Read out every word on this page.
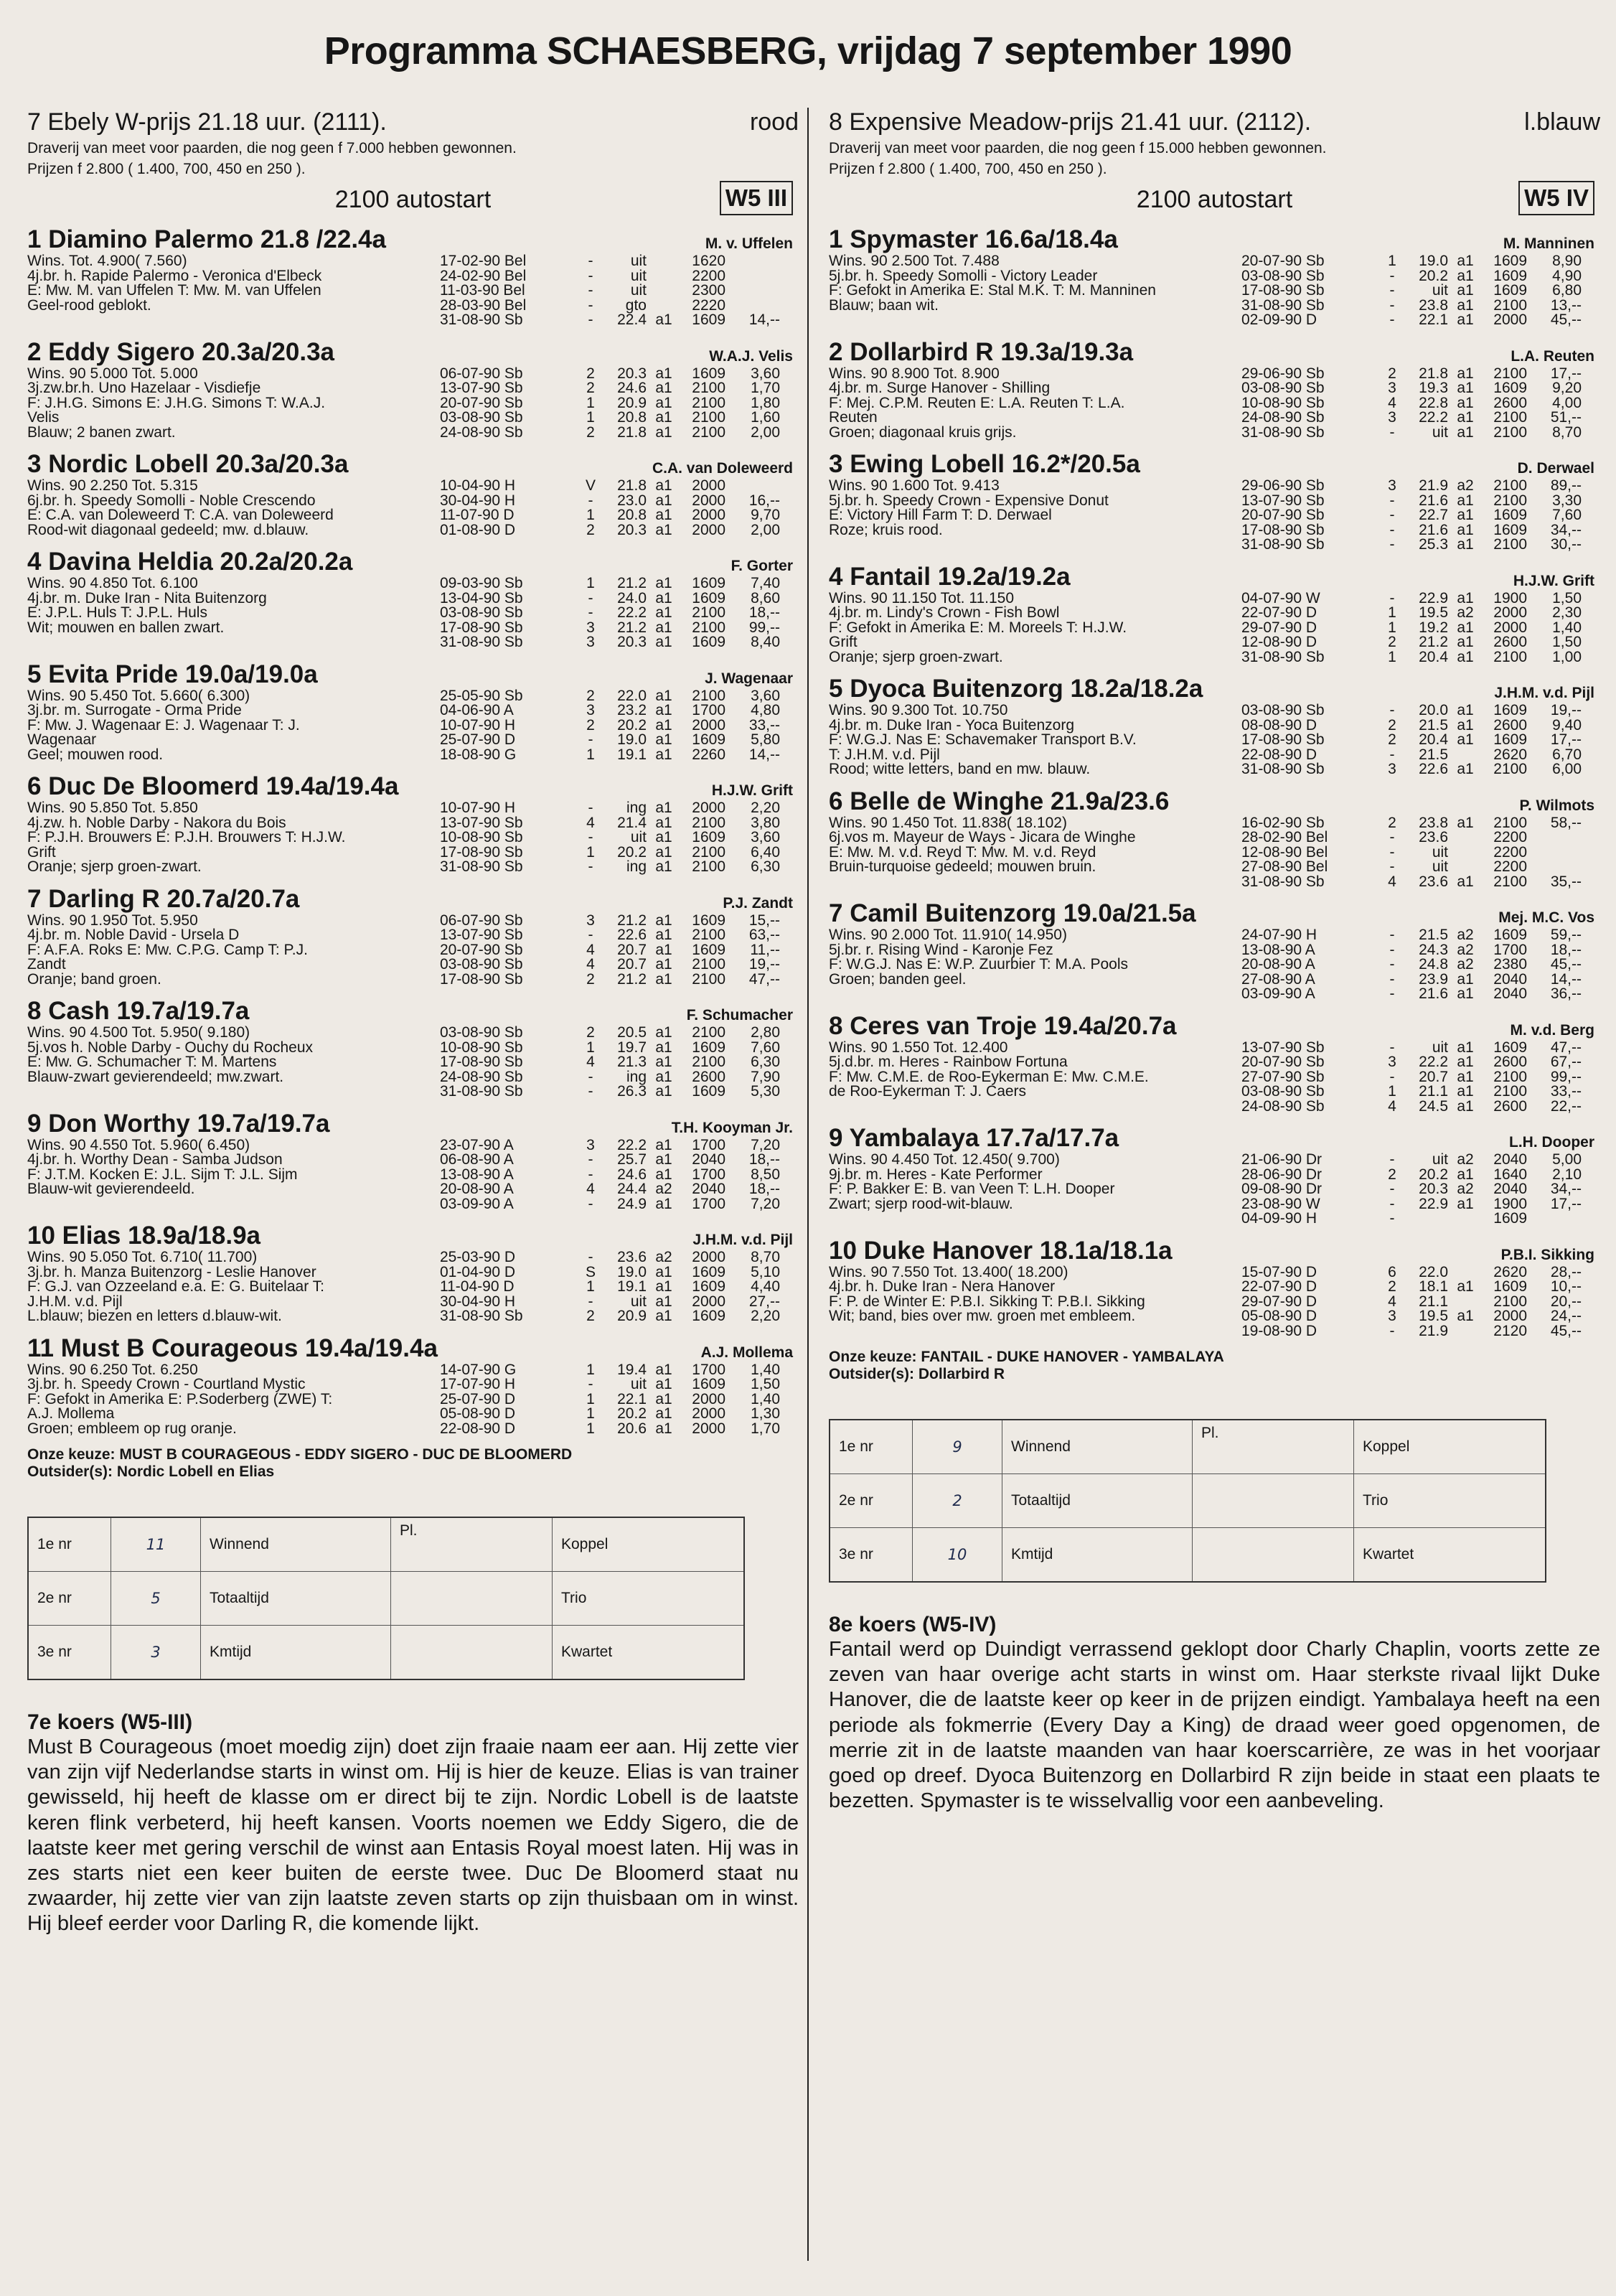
Programma SCHAESBERG, vrijdag 7 september 1990
7 Ebely W-prijs 21.18 uur. (2111).	rood
Draverij van meet voor paarden, die nog geen f 7.000 hebben gewonnen.
Prijzen f 2.800 ( 1.400, 700, 450 en 250 ).
2100 autostart	W5 III
1 Diamino Palermo 21.8 /22.4a	M. v. Uffelen
Wins. Tot. 4.900( 7.560)
4j.br. h. Rapide Palermo - Veronica d'Elbeck
E: Mw. M. van Uffelen T: Mw. M. van Uffelen
Geel-rood geblokt.
17-02-90 Bel	-	uit		1620	
24-02-90 Bel	-	uit		2200	
11-03-90 Bel	-	uit		2300	
28-03-90 Bel	-	gto		2220	
31-08-90 Sb	-	22.4	a1	1609	14,--
2 Eddy Sigero 20.3a/20.3a	W.A.J. Velis
Wins. 90 5.000 Tot. 5.000
3j.zw.br.h. Uno Hazelaar - Visdiefje
F: J.H.G. Simons E: J.H.G. Simons T: W.A.J.
Velis
Blauw; 2 banen zwart.
06-07-90 Sb	2	20.3	a1	1609	3,60
13-07-90 Sb	2	24.6	a1	2100	1,70
20-07-90 Sb	1	20.9	a1	2100	1,80
03-08-90 Sb	1	20.8	a1	2100	1,60
24-08-90 Sb	2	21.8	a1	2100	2,00
3 Nordic Lobell 20.3a/20.3a	C.A. van Doleweerd
Wins. 90 2.250 Tot. 5.315
6j.br. h. Speedy Somolli - Noble Crescendo
E: C.A. van Doleweerd T: C.A. van Doleweerd
Rood-wit diagonaal gedeeld; mw. d.blauw.
10-04-90 H	V	21.8	a1	2000	
30-04-90 H	-	23.0	a1	2000	16,--
11-07-90 D	1	20.8	a1	2000	9,70
01-08-90 D	2	20.3	a1	2000	2,00
4 Davina Heldia 20.2a/20.2a	F. Gorter
Wins. 90 4.850 Tot. 6.100
4j.br. m. Duke Iran - Nita Buitenzorg
E: J.P.L. Huls T: J.P.L. Huls
Wit; mouwen en ballen zwart.
09-03-90 Sb	1	21.2	a1	1609	7,40
13-04-90 Sb	-	24.0	a1	1609	8,60
03-08-90 Sb	-	22.2	a1	2100	18,--
17-08-90 Sb	3	21.2	a1	2100	99,--
31-08-90 Sb	3	20.3	a1	1609	8,40
5 Evita Pride 19.0a/19.0a	J. Wagenaar
Wins. 90 5.450 Tot. 5.660( 6.300)
3j.br. m. Surrogate - Orma Pride
F: Mw. J. Wagenaar E: J. Wagenaar T: J.
Wagenaar
Geel; mouwen rood.
25-05-90 Sb	2	22.0	a1	2100	3,60
04-06-90 A	3	23.2	a1	1700	4,80
10-07-90 H	2	20.2	a1	2000	33,--
25-07-90 D	-	19.0	a1	1609	5,80
18-08-90 G	1	19.1	a1	2260	14,--
6 Duc De Bloomerd 19.4a/19.4a	H.J.W. Grift
Wins. 90 5.850 Tot. 5.850
4j.zw. h. Noble Darby - Nakora du Bois
F: P.J.H. Brouwers E: P.J.H. Brouwers T: H.J.W.
Grift
Oranje; sjerp groen-zwart.
10-07-90 H	-	ing	a1	2000	2,20
13-07-90 Sb	4	21.4	a1	2100	3,80
10-08-90 Sb	-	uit	a1	1609	3,60
17-08-90 Sb	1	20.2	a1	2100	6,40
31-08-90 Sb	-	ing	a1	2100	6,30
7 Darling R 20.7a/20.7a	P.J. Zandt
Wins. 90 1.950 Tot. 5.950
4j.br. m. Noble David - Ursela D
F: A.F.A. Roks E: Mw. C.P.G. Camp T: P.J.
Zandt
Oranje; band groen.
06-07-90 Sb	3	21.2	a1	1609	15,--
13-07-90 Sb	-	22.6	a1	2100	63,--
20-07-90 Sb	4	20.7	a1	1609	11,--
03-08-90 Sb	4	20.7	a1	2100	19,--
17-08-90 Sb	2	21.2	a1	2100	47,--
8 Cash 19.7a/19.7a	F. Schumacher
Wins. 90 4.500 Tot. 5.950( 9.180)
5j.vos h. Noble Darby - Ouchy du Rocheux
E: Mw. G. Schumacher T: M. Martens
Blauw-zwart gevierendeeld; mw.zwart.
03-08-90 Sb	2	20.5	a1	2100	2,80
10-08-90 Sb	1	19.7	a1	1609	7,60
17-08-90 Sb	4	21.3	a1	2100	6,30
24-08-90 Sb	-	ing	a1	2600	7,90
31-08-90 Sb	-	26.3	a1	1609	5,30
9 Don Worthy 19.7a/19.7a	T.H. Kooyman Jr.
Wins. 90 4.550 Tot. 5.960( 6.450)
4j.br. h. Worthy Dean - Samba Judson
F: J.T.M. Kocken E: J.L. Sijm T: J.L. Sijm
Blauw-wit gevierendeeld.
23-07-90 A	3	22.2	a1	1700	7,20
06-08-90 A	-	25.7	a1	2040	18,--
13-08-90 A	-	24.6	a1	1700	8,50
20-08-90 A	4	24.4	a2	2040	18,--
03-09-90 A	-	24.9	a1	1700	7,20
10 Elias 18.9a/18.9a	J.H.M. v.d. Pijl
Wins. 90 5.050 Tot. 6.710( 11.700)
3j.br. h. Manza Buitenzorg - Leslie Hanover
F: G.J. van Ozzeeland e.a. E: G. Buitelaar T:
J.H.M. v.d. Pijl
L.blauw; biezen en letters d.blauw-wit.
25-03-90 D	-	23.6	a2	2000	8,70
01-04-90 D	S	19.0	a1	1609	5,10
11-04-90 D	1	19.1	a1	1609	4,40
30-04-90 H	-	uit	a1	2000	27,--
31-08-90 Sb	2	20.9	a1	1609	2,20
11 Must B Courageous 19.4a/19.4a	A.J. Mollema
Wins. 90 6.250 Tot. 6.250
3j.br. h. Speedy Crown - Courtland Mystic
F: Gefokt in Amerika E: P.Soderberg (ZWE) T:
A.J. Mollema
Groen; embleem op rug oranje.
14-07-90 G	1	19.4	a1	1700	1,40
17-07-90 H	-	uit	a1	1609	1,50
25-07-90 D	1	22.1	a1	2000	1,40
05-08-90 D	1	20.2	a1	2000	1,30
22-08-90 D	1	20.6	a1	2000	1,70
Onze keuze: MUST B COURAGEOUS - EDDY SIGERO - DUC DE BLOOMERD
Outsider(s): Nordic Lobell en Elias
1e nr	11	Winnend	Pl.	Koppel
2e nr	5	Totaaltijd		Trio
3e nr	3	Kmtijd		Kwartet
7e koers (W5-III)
Must B Courageous (moet moedig zijn) doet zijn fraaie naam eer aan. Hij zette vier van zijn vijf Nederlandse starts in winst om. Hij is hier de keuze. Elias is van trainer gewisseld, hij heeft de klasse om er direct bij te zijn. Nordic Lobell is de laatste keren flink verbeterd, hij heeft kansen. Voorts noemen we Eddy Sigero, die de laatste keer met gering verschil de winst aan Entasis Royal moest laten. Hij was in zes starts niet een keer buiten de eerste twee. Duc De Bloomerd staat nu zwaarder, hij zette vier van zijn laatste zeven starts op zijn thuisbaan om in winst. Hij bleef eerder voor Darling R, die komende lijkt.
8 Expensive Meadow-prijs 21.41 uur. (2112).	l.blauw
Draverij van meet voor paarden, die nog geen f 15.000 hebben gewonnen.
Prijzen f 2.800 ( 1.400, 700, 450 en 250 ).
2100 autostart	W5 IV
1 Spymaster 16.6a/18.4a	M. Manninen
Wins. 90 2.500 Tot. 7.488
5j.br. h. Speedy Somolli - Victory Leader
F: Gefokt in Amerika E: Stal M.K. T: M. Manninen
Blauw; baan wit.
20-07-90 Sb	1	19.0	a1	1609	8,90
03-08-90 Sb	-	20.2	a1	1609	4,90
17-08-90 Sb	-	uit	a1	1609	6,80
31-08-90 Sb	-	23.8	a1	2100	13,--
02-09-90 D	-	22.1	a1	2000	45,--
2 Dollarbird R 19.3a/19.3a	L.A. Reuten
Wins. 90 8.900 Tot. 8.900
4j.br. m. Surge Hanover - Shilling
F: Mej. C.P.M. Reuten E: L.A. Reuten T: L.A.
Reuten
Groen; diagonaal kruis grijs.
29-06-90 Sb	2	21.8	a1	2100	17,--
03-08-90 Sb	3	19.3	a1	1609	9,20
10-08-90 Sb	4	22.8	a1	2600	4,00
24-08-90 Sb	3	22.2	a1	2100	51,--
31-08-90 Sb	-	uit	a1	2100	8,70
3 Ewing Lobell 16.2*/20.5a	D. Derwael
Wins. 90 1.600 Tot. 9.413
5j.br. h. Speedy Crown - Expensive Donut
E: Victory Hill Farm T: D. Derwael
Roze; kruis rood.
29-06-90 Sb	3	21.9	a2	2100	89,--
13-07-90 Sb	-	21.6	a1	2100	3,30
20-07-90 Sb	-	22.7	a1	1609	7,60
17-08-90 Sb	-	21.6	a1	1609	34,--
31-08-90 Sb	-	25.3	a1	2100	30,--
4 Fantail 19.2a/19.2a	H.J.W. Grift
Wins. 90 11.150 Tot. 11.150
4j.br. m. Lindy's Crown - Fish Bowl
F: Gefokt in Amerika E: M. Moreels T: H.J.W.
Grift
Oranje; sjerp groen-zwart.
04-07-90 W	-	22.9	a1	1900	1,50
22-07-90 D	1	19.5	a2	2000	2,30
29-07-90 D	1	19.2	a1	2000	1,40
12-08-90 D	2	21.2	a1	2600	1,50
31-08-90 Sb	1	20.4	a1	2100	1,00
5 Dyoca Buitenzorg 18.2a/18.2a	J.H.M. v.d. Pijl
Wins. 90 9.300 Tot. 10.750
4j.br. m. Duke Iran - Yoca Buitenzorg
F: W.G.J. Nas E: Schavemaker Transport B.V.
T: J.H.M. v.d. Pijl
Rood; witte letters, band en mw. blauw.
03-08-90 Sb	-	20.0	a1	1609	19,--
08-08-90 D	2	21.5	a1	2600	9,40
17-08-90 Sb	2	20.4	a1	1609	17,--
22-08-90 D	-	21.5		2620	6,70
31-08-90 Sb	3	22.6	a1	2100	6,00
6 Belle de Winghe 21.9a/23.6	P. Wilmots
Wins. 90 1.450 Tot. 11.838( 18.102)
6j.vos m. Mayeur de Ways - Jicara de Winghe
E: Mw. M. v.d. Reyd T: Mw. M. v.d. Reyd
Bruin-turquoise gedeeld; mouwen bruin.
16-02-90 Sb	2	23.8	a1	2100	58,--
28-02-90 Bel	-	23.6		2200	
12-08-90 Bel	-	uit		2200	
27-08-90 Bel	-	uit		2200	
31-08-90 Sb	4	23.6	a1	2100	35,--
7 Camil Buitenzorg 19.0a/21.5a	Mej. M.C. Vos
Wins. 90 2.000 Tot. 11.910( 14.950)
5j.br. r. Rising Wind - Karonje Fez
F: W.G.J. Nas E: W.P. Zuurbier T: M.A. Pools
Groen; banden geel.
24-07-90 H	-	21.5	a2	1609	59,--
13-08-90 A	-	24.3	a2	1700	18,--
20-08-90 A	-	24.8	a2	2380	45,--
27-08-90 A	-	23.9	a1	2040	14,--
03-09-90 A	-	21.6	a1	2040	36,--
8 Ceres van Troje 19.4a/20.7a	M. v.d. Berg
Wins. 90 1.550 Tot. 12.400
5j.d.br. m. Heres - Rainbow Fortuna
F: Mw. C.M.E. de Roo-Eykerman E: Mw. C.M.E.
de Roo-Eykerman T: J. Caers
13-07-90 Sb	-	uit	a1	1609	47,--
20-07-90 Sb	3	22.2	a1	2600	67,--
27-07-90 Sb	-	20.7	a1	2100	99,--
03-08-90 Sb	1	21.1	a1	2100	33,--
24-08-90 Sb	4	24.5	a1	2600	22,--
9 Yambalaya 17.7a/17.7a	L.H. Dooper
Wins. 90 4.450 Tot. 12.450( 9.700)
9j.br. m. Heres - Kate Performer
F: P. Bakker E: B. van Veen T: L.H. Dooper
Zwart; sjerp rood-wit-blauw.
21-06-90 Dr	-	uit	a2	2040	5,00
28-06-90 Dr	2	20.2	a1	1640	2,10
09-08-90 Dr	-	20.3	a2	2040	34,--
23-08-90 W	-	22.9	a1	1900	17,--
04-09-90 H	-			1609	
10 Duke Hanover 18.1a/18.1a	P.B.I. Sikking
Wins. 90 7.550 Tot. 13.400( 18.200)
4j.br. h. Duke Iran - Nera Hanover
F: P. de Winter E: P.B.I. Sikking T: P.B.I. Sikking
Wit; band, bies over mw. groen met embleem.
15-07-90 D	6	22.0		2620	28,--
22-07-90 D	2	18.1	a1	1609	10,--
29-07-90 D	4	21.1		2100	20,--
05-08-90 D	3	19.5	a1	2000	24,--
19-08-90 D	-	21.9		2120	45,--
Onze keuze: FANTAIL - DUKE HANOVER - YAMBALAYA
Outsider(s): Dollarbird R
1e nr	9	Winnend	Pl.	Koppel
2e nr	2	Totaaltijd		Trio
3e nr	10	Kmtijd		Kwartet
8e koers (W5-IV)
Fantail werd op Duindigt verrassend geklopt door Charly Chaplin, voorts zette ze zeven van haar overige acht starts in winst om. Haar sterkste rivaal lijkt Duke Hanover, die de laatste keer op keer in de prijzen eindigt. Yambalaya heeft na een periode als fokmerrie (Every Day a King) de draad weer goed opgenomen, de merrie zit in de laatste maanden van haar koerscarrière, ze was in het voorjaar goed op dreef. Dyoca Buitenzorg en Dollarbird R zijn beide in staat een plaats te bezetten. Spymaster is te wisselvallig voor een aanbeveling.
